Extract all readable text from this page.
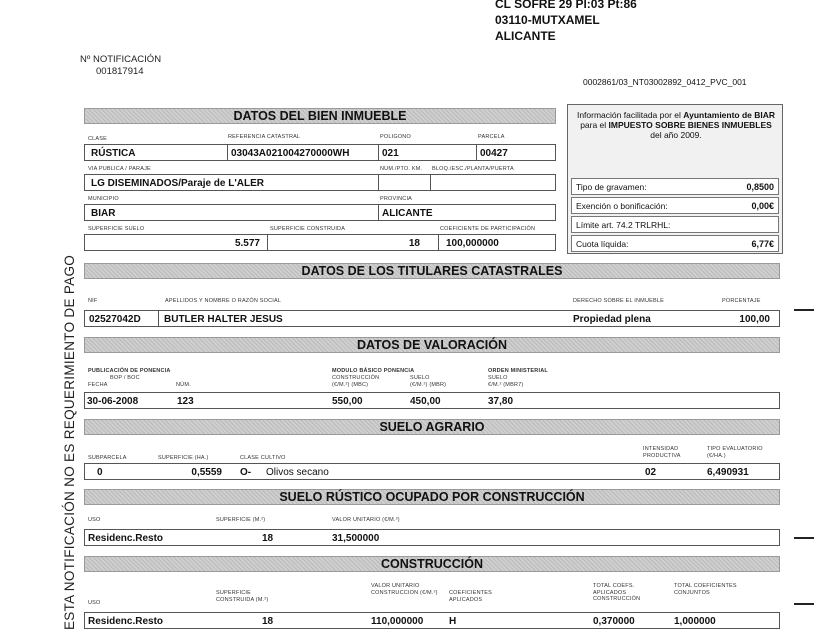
ESTA NOTIFICACIÓN NO ES REQUERIMIENTO DE PAGO
CL SOFRE 29 Pl:03 Pt:86
03110-MUTXAMEL
ALICANTE
Nº NOTIFICACIÓN
001817914
0002861/03_NT03002892_0412_PVC_001
DATOS DEL BIEN INMUEBLE
CLASE	REFERENCIA CATASTRAL	POLIGONO	PARCELA
RÚSTICA	03043A021004270000WH	021	00427
VIA PUBLICA / PARAJE	NUM./PTO. KM. BLOQ./ESC./PLANTA/PUERTA
LG DISEMINADOS/Paraje de L'ALER
MUNICIPIO	PROVINCIA
BIAR	ALICANTE
SUPERFICIE SUELO	SUPERFICIE CONSTRUIDA	COEFICIENTE DE PARTICIPACIÓN
5.577	18	100,000000
Información facilitada por el Ayuntamiento de BIAR para el IMPUESTO SOBRE BIENES INMUEBLES del año 2009.
Tipo de gravamen:	0,8500
Exención o bonificación:	0,00€
Límite art. 74.2 TRLRHL:
Cuota líquida:	6,77€
DATOS DE LOS TITULARES CATASTRALES
NIF	APELLIDOS Y NOMBRE O RAZÓN SOCIAL	DERECHO SOBRE EL INMUEBLE	PORCENTAJE
02527042D BUTLER HALTER JESUS	Propiedad plena	100,00
DATOS DE VALORACIÓN
PUBLICACIÓN DE PONENCIA
BOP / BOC
FECHA	NÚM.
MODULO BÁSICO PONENCIA
CONSTRUCCIÓN
(€/M.²) (MBC)
SUELO
(€/M.²) (MBR)
ORDEN MINISTERIAL
SUELO
€/M.² (MBR7)
30-06-2008	123	550,00	450,00	37,80
SUELO AGRARIO
SUBPARCELA	SUPERFICIE (HA.)	CLASE CULTIVO
INTENSIDAD PRODUCTIVA
TIPO EVALUATORIO (€/HA.)
0	0,5559 O- Olivos secano	02	6,490931
SUELO RÚSTICO OCUPADO POR CONSTRUCCIÓN
USO	SUPERFICIE (M.²)	VALOR UNITARIO (€/M.²)
Residenc.Resto	18	31,500000
CONSTRUCCIÓN
USO
SUPERFICIE CONSTRUIDA (M.²)
VALOR UNITARIO CONSTRUCCION (€/M.²)	COEFICIENTES APLICADOS
TOTAL COEFS. APLICADOS CONSTRUCCIÓN
TOTAL COEFICIENTES CONJUNTOS
Residenc.Resto	18	110,000000	H	0,370000	1,000000
